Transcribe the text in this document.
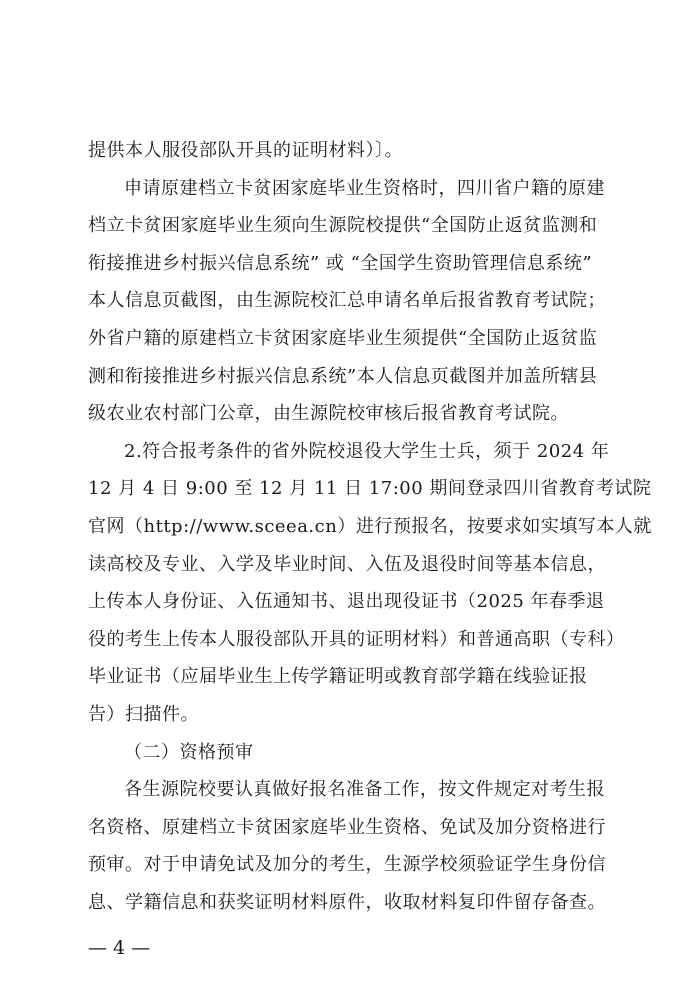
提供本人服役部队开具的证明材料）〕。
申请原建档立卡贫困家庭毕业生资格时，四川省户籍的原建
档立卡贫困家庭毕业生须向生源院校提供“全国防止返贫监测和
衔接推进乡村振兴信息系统” 或 “全国学生资助管理信息系统”
本人信息页截图，由生源院校汇总申请名单后报省教育考试院；
外省户籍的原建档立卡贫困家庭毕业生须提供“全国防止返贫监
测和衔接推进乡村振兴信息系统”本人信息页截图并加盖所辖县
级农业农村部门公章，由生源院校审核后报省教育考试院。
2.符合报考条件的省外院校退役大学生士兵，须于 2024 年
12 月 4 日 9:00 至 12 月 11 日 17:00 期间登录四川省教育考试院
官网（http://www.sceea.cn）进行预报名，按要求如实填写本人就
读高校及专业、入学及毕业时间、入伍及退役时间等基本信息，
上传本人身份证、入伍通知书、退出现役证书（2025 年春季退
役的考生上传本人服役部队开具的证明材料）和普通高职（专科）
毕业证书（应届毕业生上传学籍证明或教育部学籍在线验证报
告）扫描件。
（二）资格预审
各生源院校要认真做好报名准备工作，按文件规定对考生报
名资格、原建档立卡贫困家庭毕业生资格、免试及加分资格进行
预审。对于申请免试及加分的考生，生源学校须验证学生身份信
息、学籍信息和获奖证明材料原件，收取材料复印件留存备查。
— 4 —
